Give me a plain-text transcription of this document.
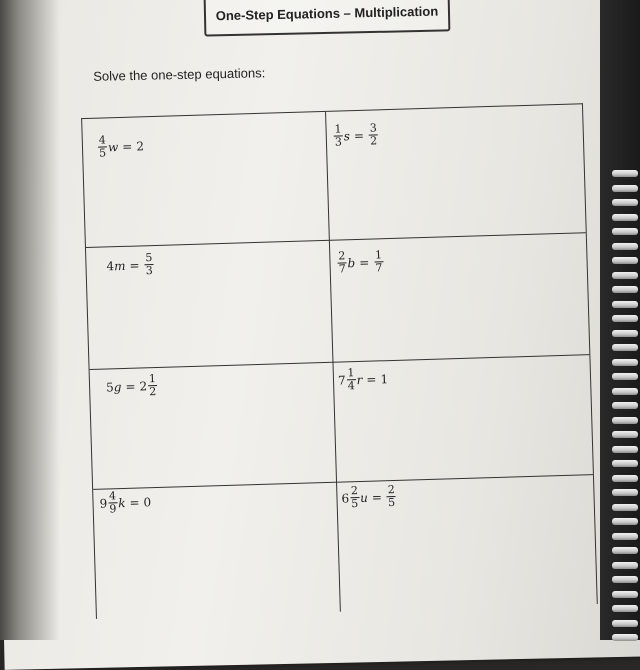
One-Step Equations – Multiplication
Solve the one-step equations:
$\frac{4}{5}$ w = 2	$\frac{1}{3}$ $s = \frac{3}{2}$
4 $m = \frac{5}{3}$	$\frac{2}{7}$ $b = \frac{1}{7}$
5 $g = 2 \frac{1}{2}$	$7 \frac{1}{4}$ r = 1
$9 \frac{4}{9}$ k = 0	$6 \frac{2}{5}$ $u = \frac{2}{5}$
